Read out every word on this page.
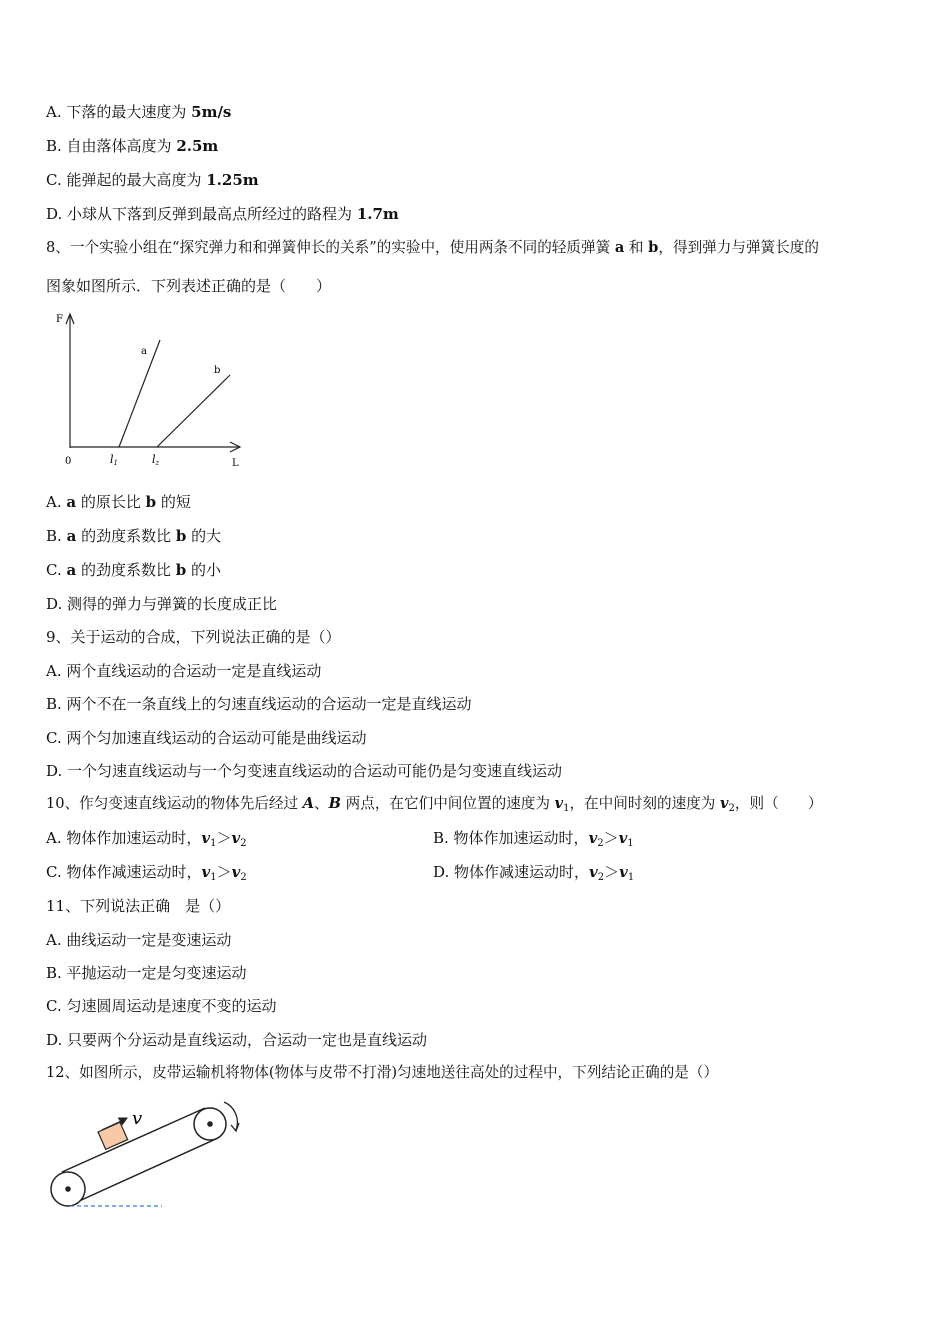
A. 下落的最大速度为 5m/s
B. 自由落体高度为 2.5m
C. 能弹起的最大高度为 1.25m
D. 小球从下落到反弹到最高点所经过的路程为 1.7m
8、一个实验小组在“探究弹力和和弹簧伸长的关系”的实验中，使用两条不同的轻质弹簧 a 和 b，得到弹力与弹簧长度的
图象如图所示．下列表述正确的是（　　）
F
L
0
a
b
l1	lz
A. a 的原长比 b 的短
B. a 的劲度系数比 b 的大
C. a 的劲度系数比 b 的小
D. 测得的弹力与弹簧的长度成正比
9、关于运动的合成，下列说法正确的是（）
A. 两个直线运动的合运动一定是直线运动
B. 两个不在一条直线上的匀速直线运动的合运动一定是直线运动
C. 两个匀加速直线运动的合运动可能是曲线运动
D. 一个匀速直线运动与一个匀变速直线运动的合运动可能仍是匀变速直线运动
10、作匀变速直线运动的物体先后经过 A、B 两点，在它们中间位置的速度为 $v_1$，在中间时刻的速度为 $v_2$，则（　　）
A. 物体作加速运动时，$v_1>v_2$	B. 物体作加速运动时，$v_2>v_1$
C. 物体作减速运动时，$v_1>v_2$	D. 物体作减速运动时，$v_2>v_1$
11、下列说法正确　是（）
A. 曲线运动一定是变速运动
B. 平抛运动一定是匀变速运动
C. 匀速圆周运动是速度不变的运动
D. 只要两个分运动是直线运动，合运动一定也是直线运动
12、如图所示，皮带运输机将物体(物体与皮带不打滑)匀速地送往高处的过程中，下列结论正确的是（）
v
